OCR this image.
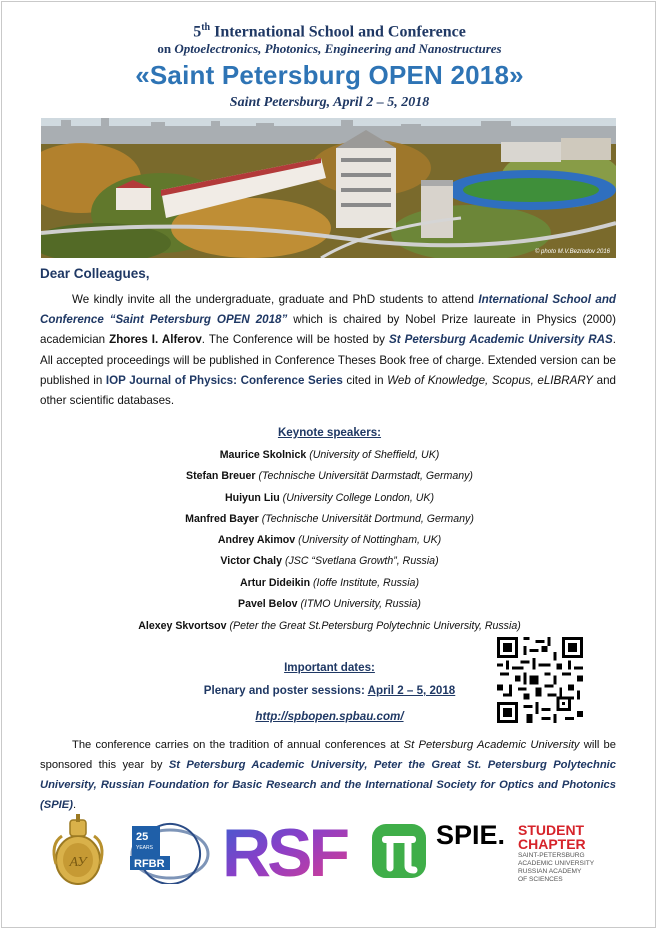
5th International School and Conference
on Optoelectronics, Photonics, Engineering and Nanostructures
«Saint Petersburg OPEN 2018»
Saint Petersburg, April 2 – 5, 2018
© photo M.V.Bezrodov 2016
Dear Colleagues,
We kindly invite all the undergraduate, graduate and PhD students to attend International School and Conference “Saint Petersburg OPEN 2018” which is chaired by Nobel Prize laureate in Physics (2000) academician Zhores I. Alferov. The Conference will be hosted by St Petersburg Academic University RAS. All accepted proceedings will be published in Conference Theses Book free of charge. Extended version can be published in IOP Journal of Physics: Conference Series cited in Web of Knowledge, Scopus, eLIBRARY and other scientific databases.
Keynote speakers:
Maurice Skolnick (University of Sheffield, UK)
Stefan Breuer (Technische Universität Darmstadt, Germany)
Huiyun Liu (University College London, UK)
Manfred Bayer (Technische Universität Dortmund, Germany)
Andrey Akimov (University of Nottingham, UK)
Victor Chaly (JSC “Svetlana Growth”, Russia)
Artur Dideikin (Ioffe Institute, Russia)
Pavel Belov (ITMO University, Russia)
Alexey Skvortsov (Peter the Great St.Petersburg Polytechnic University, Russia)
Important dates:
Plenary and poster sessions: April 2 – 5, 2018
http://spbopen.spbau.com/
The conference carries on the tradition of annual conferences at St Petersburg Academic University will be sponsored this year by St Petersburg Academic University, Peter the Great St. Petersburg Polytechnic University, Russian Foundation for Basic Research and the International Society for Optics and Photonics (SPIE).
АУ
25
YEARS
RFBR RSF	SPIE. STUDENT
CHAPTER
SAINT-PETERSBURG
ACADEMIC UNIVERSITY
RUSSIAN ACADEMY
OF SCIENCES
